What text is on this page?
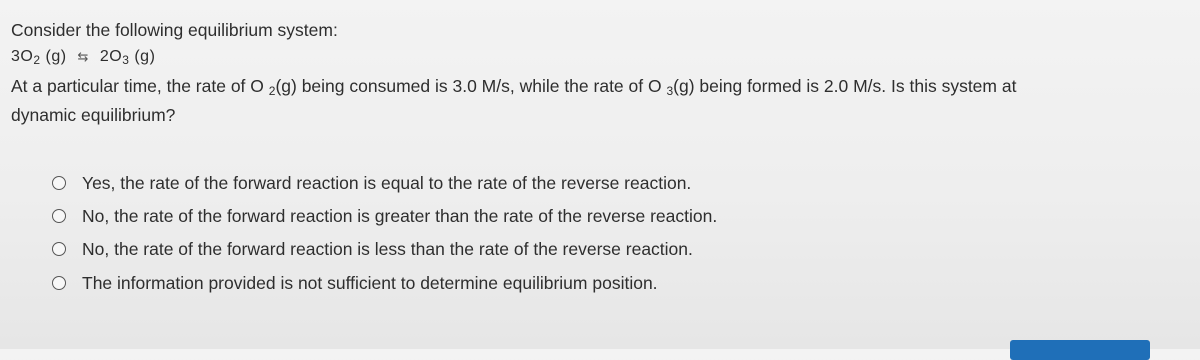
Consider the following equilibrium system:
$3O_2$ (g) ⇆ $2O_3$ (g)
At a particular time, the rate of O $_2$(g) being consumed is 3.0 M/s, while the rate of O $_3$(g) being formed is 2.0 M/s. Is this system at
dynamic equilibrium?
Yes, the rate of the forward reaction is equal to the rate of the reverse reaction.
No, the rate of the forward reaction is greater than the rate of the reverse reaction.
No, the rate of the forward reaction is less than the rate of the reverse reaction.
The information provided is not sufficient to determine equilibrium position.
